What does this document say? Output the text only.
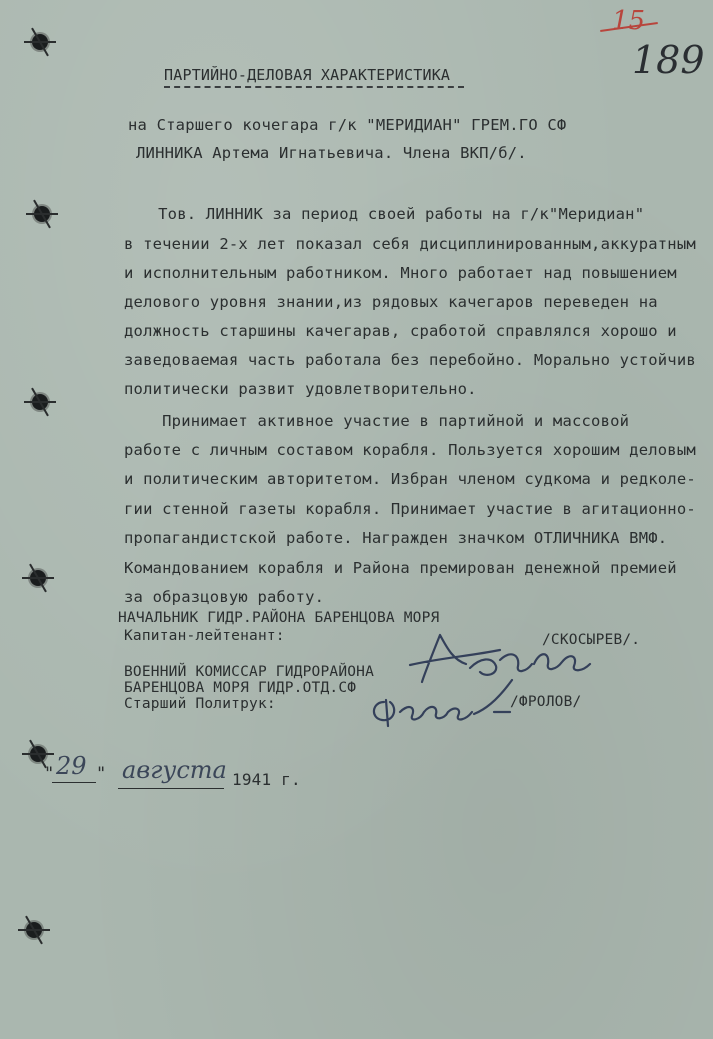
15
189
ПАРТИЙНО-ДЕЛОВАЯ ХАРАКТЕРИСТИКА
на Старшего кочегара г/к "МЕРИДИАН" ГРЕМ.ГО СФ
ЛИННИКА Артема Игнатьевича. Члена ВКП/б/.
Тов. ЛИННИК за период своей работы на г/к"Меридиан"
в течении 2-х лет показал себя дисциплинированным,аккуратным
и исполнительным работником. Много работает над повышением
делового уровня знании,из рядовых качегаров переведен на
должность старшины качегарав, сработой справлялся хорошо и
заведоваемая часть работала без перебойно. Морально устойчив
политически развит удовлетворительно.
Принимает активное участие в партийной и массовой
работе с личным составом корабля. Пользуется хорошим деловым
и политическим авторитетом. Избран членом судкома и редколе-
гии стенной газеты корабля. Принимает участие в агитационно-
пропагандистской работе. Награжден значком ОТЛИЧНИКА ВМФ.
Командованием корабля и Района премирован денежной премией
за образцовую работу.
НАЧАЛЬНИК ГИДР.РАЙОНА БАРЕНЦОВА МОРЯ
Капитан-лейтенант:	/СКОСЫРЕВ/.
ВОЕННИЙ КОМИССАР ГИДРОРАЙОНА
БАРЕНЦОВА МОРЯ ГИДР.ОТД.СФ
Старший Политрук:	/ФРОЛОВ/
" 29 " августа 1941 г.
